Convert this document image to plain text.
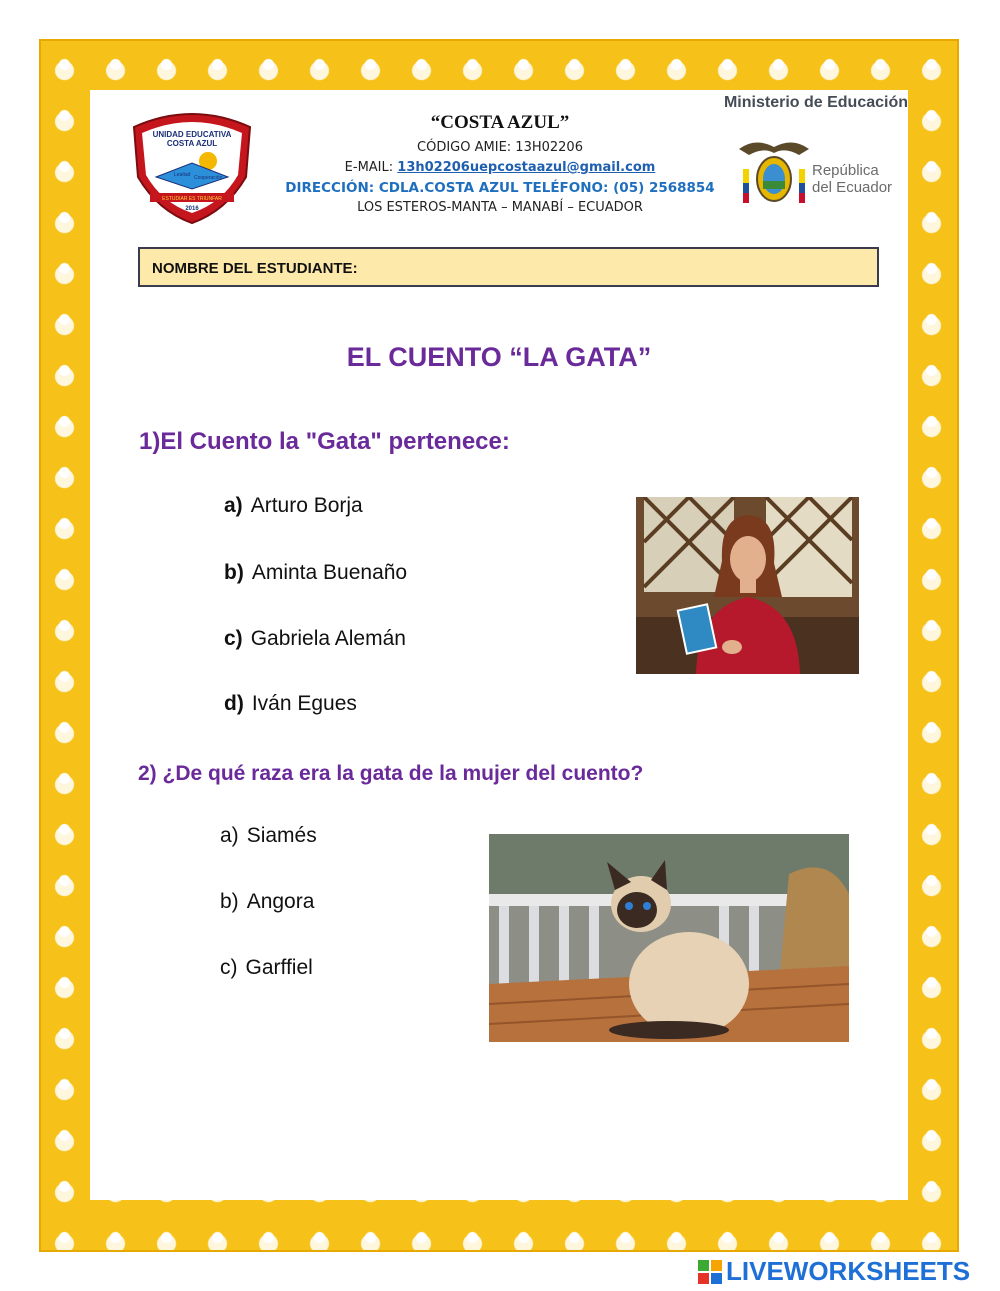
UNIDAD EDUCATIVA
COSTA AZUL
Lealtad Cooperación
ESTUDIAR ES TRIUNFAR
2016
“COSTA AZUL”
CÓDIGO AMIE: 13H02206
E-MAIL: 13h02206uepcostaazul@gmail.com
DIRECCIÓN: CDLA.COSTA AZUL TELÉFONO: (05) 2568854
LOS ESTEROS-MANTA – MANABÍ – ECUADOR
Ministerio de Educación
República
del Ecuador
NOMBRE DEL ESTUDIANTE:
EL CUENTO “LA GATA”
1)El Cuento la "Gata" pertenece:
a) Arturo Borja
b) Aminta Buenaño
c) Gabriela Alemán
d) Iván Egues
2) ¿De qué raza era la gata de la mujer del cuento?
a) Siamés
b) Angora
c) Garffiel
LIVEWORKSHEETS
